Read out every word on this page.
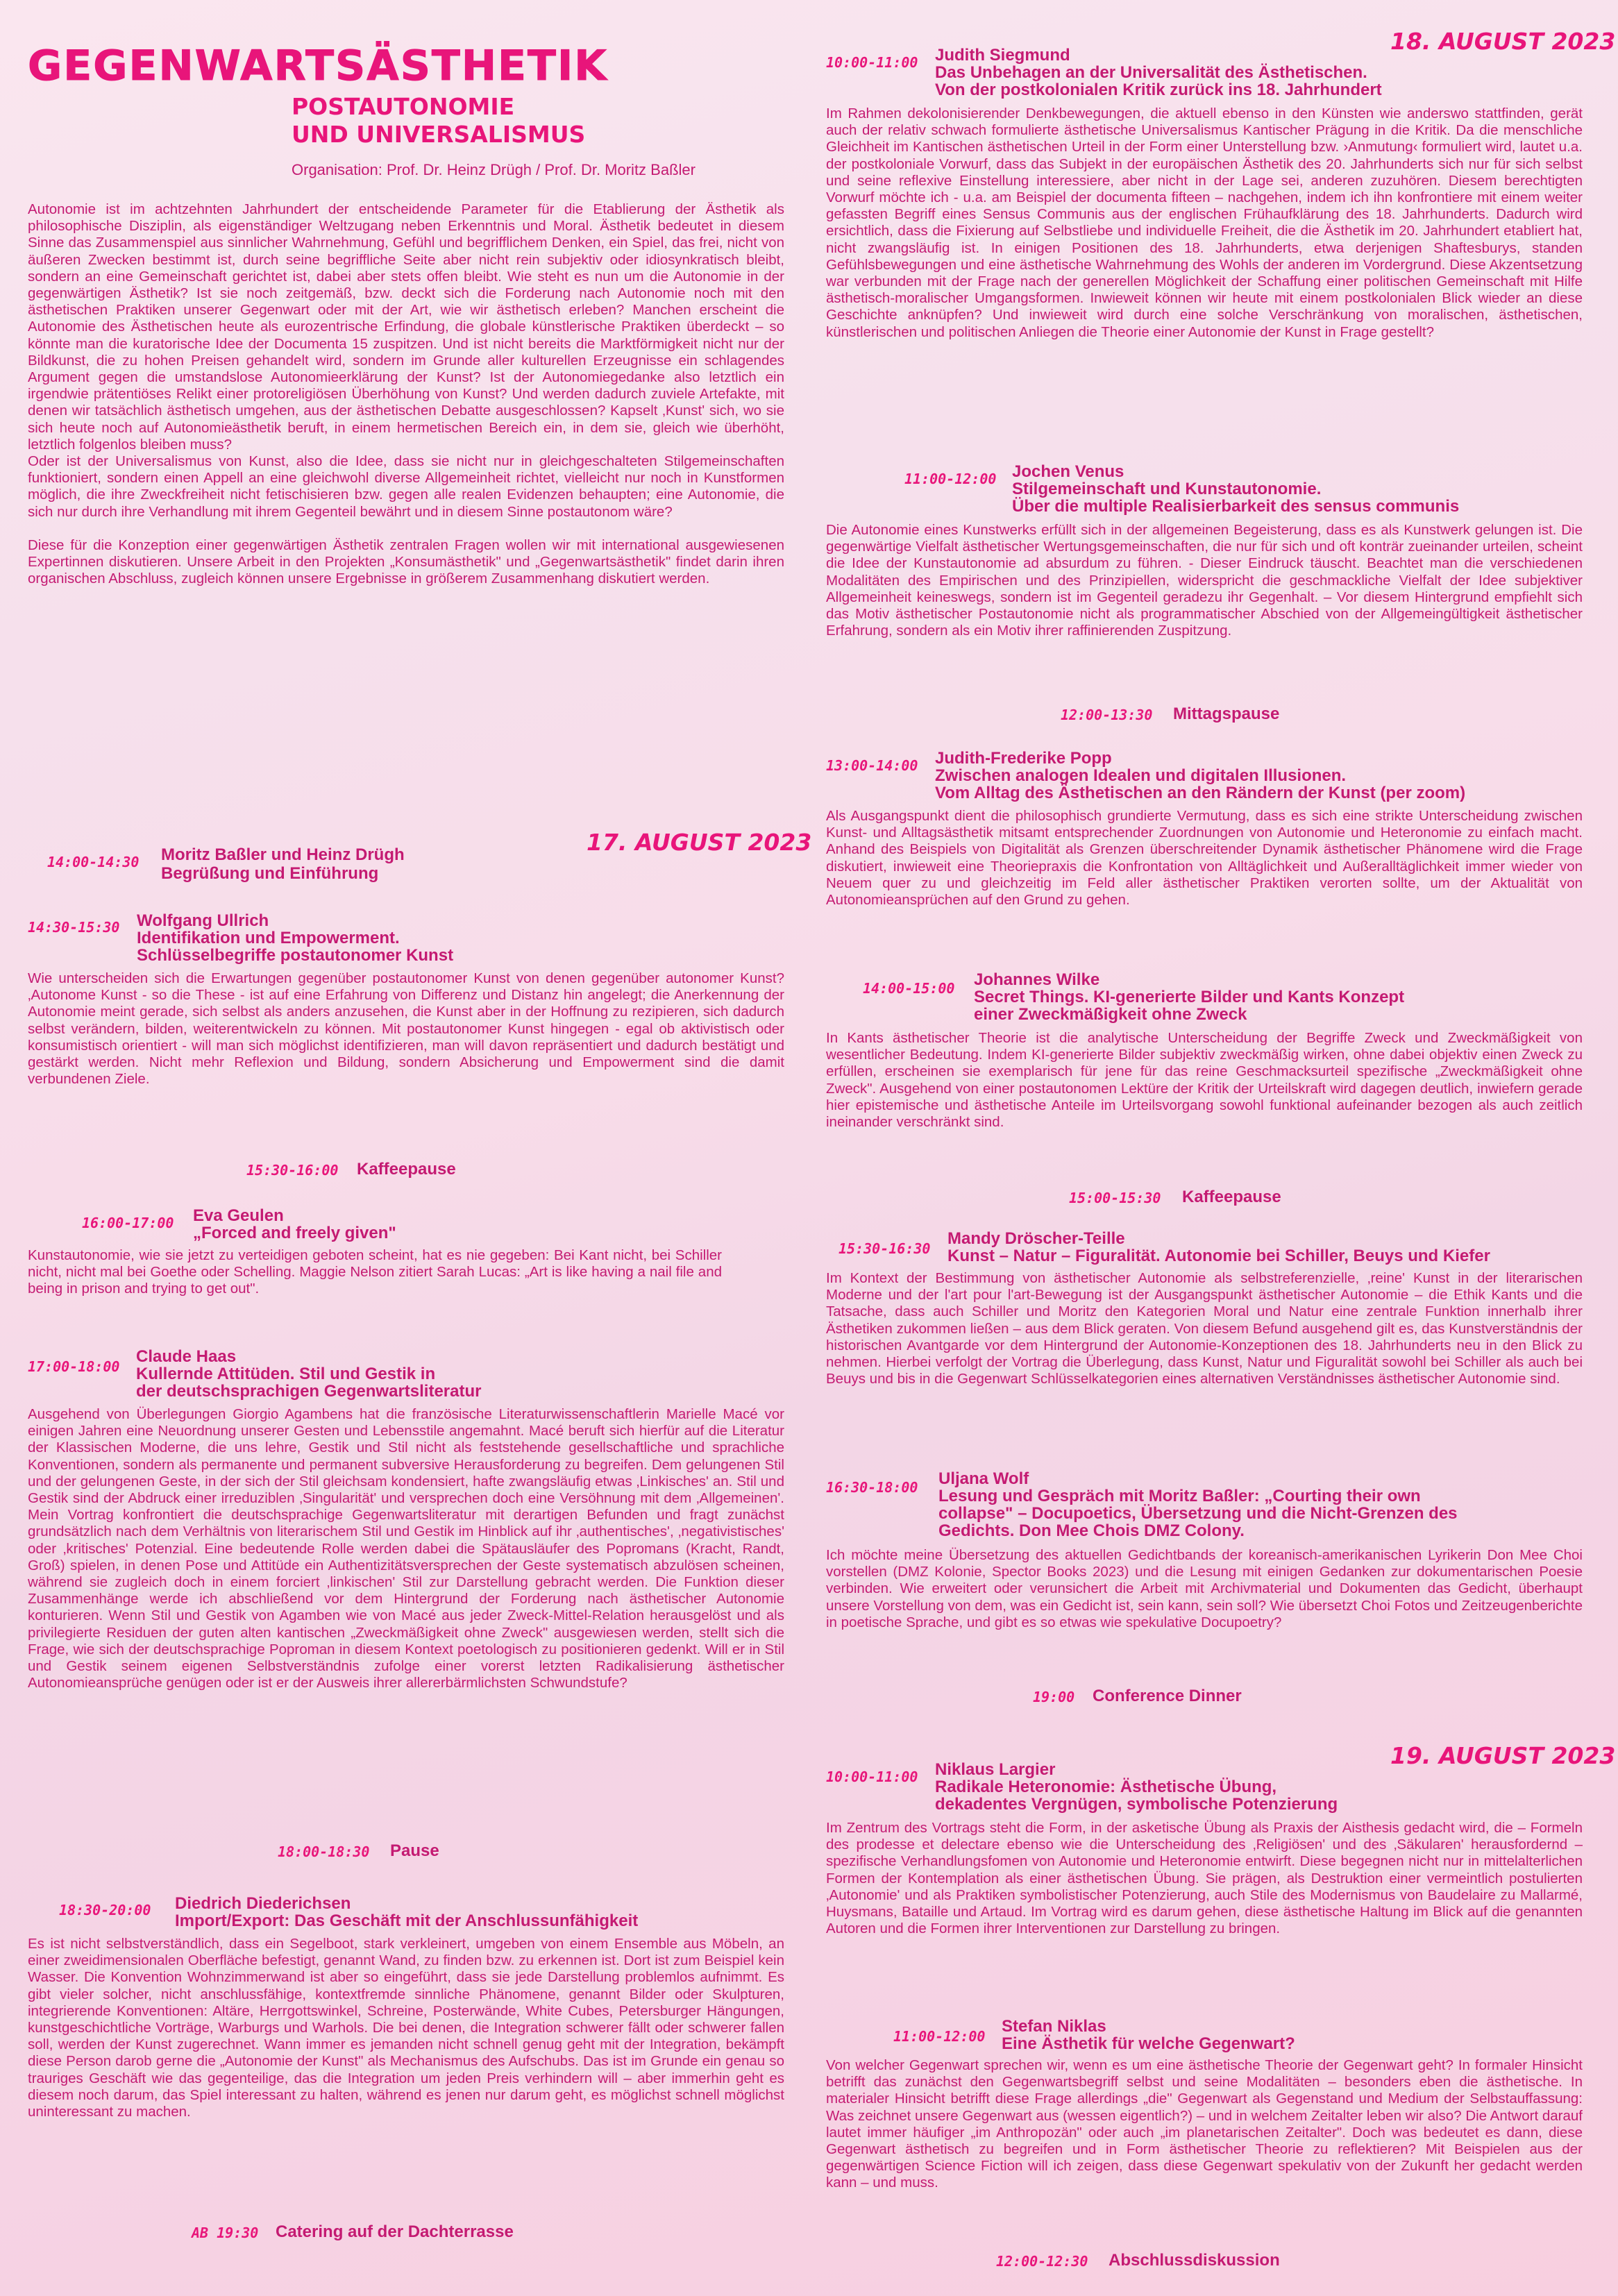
GEGENWARTSÄSTHETIK
POSTAUTONOMIE
UND UNIVERSALISMUS
Organisation: Prof. Dr. Heinz Drügh / Prof. Dr. Moritz Baßler

Autonomie ist im achtzehnten Jahrhundert der entscheidende Parameter für die Etablierung der Ästhetik als philosophische Disziplin, als eigenständiger Weltzugang neben Erkenntnis und Moral. Ästhetik bedeutet in diesem Sinne das Zusammenspiel aus sinnlicher Wahrnehmung, Gefühl und begrifflichem Denken, ein Spiel, das frei, nicht von äußeren Zwecken bestimmt ist, durch seine begriffliche Seite aber nicht rein subjektiv oder idiosynkratisch bleibt, sondern an eine Gemeinschaft gerichtet ist, dabei aber stets offen bleibt. Wie steht es nun um die Autonomie in der gegenwärtigen Ästhetik? Ist sie noch zeitgemäß, bzw. deckt sich die Forderung nach Autonomie noch mit den ästhetischen Praktiken unserer Gegenwart oder mit der Art, wie wir ästhetisch erleben? Manchen erscheint die Autonomie des Ästhetischen heute als eurozentrische Erfindung, die globale künstlerische Praktiken überdeckt – so könnte man die kuratorische Idee der Documenta 15 zuspitzen. Und ist nicht bereits die Marktförmigkeit nicht nur der Bildkunst, die zu hohen Preisen gehandelt wird, sondern im Grunde aller kulturellen Erzeugnisse ein schlagendes Argument gegen die umstandslose Autonomieerklärung der Kunst? Ist der Autonomiegedanke also letztlich ein irgendwie prätentiöses Relikt einer protoreligiösen Überhöhung von Kunst? Und werden dadurch zuviele Artefakte, mit denen wir tatsächlich ästhetisch umgehen, aus der ästhetischen Debatte ausgeschlossen? Kapselt ‚Kunst' sich, wo sie sich heute noch auf Autonomieästhetik beruft, in einem hermetischen Bereich ein, in dem sie, gleich wie überhöht, letztlich folgenlos bleiben muss?

Oder ist der Universalismus von Kunst, also die Idee, dass sie nicht nur in gleichgeschalteten Stilgemeinschaften funktioniert, sondern einen Appell an eine gleichwohl diverse Allgemeinheit richtet, vielleicht nur noch in Kunstformen möglich, die ihre Zweckfreiheit nicht fetischisieren bzw. gegen alle realen Evidenzen behaupten; eine Autonomie, die sich nur durch ihre Verhandlung mit ihrem Gegenteil bewährt und in diesem Sinne postautonom wäre?

Diese für die Konzeption einer gegenwärtigen Ästhetik zentralen Fragen wollen wir mit international ausgewiesenen Expertinnen diskutieren. Unsere Arbeit in den Projekten „Konsumästhetik" und „Gegenwartsästhetik" findet darin ihren organischen Abschluss, zugleich können unsere Ergebnisse in größerem Zusammenhang diskutiert werden.

17. AUGUST 2023
14:00-14:30 Moritz Baßler und Heinz Drügh
Begrüßung und Einführung
14:30-15:30 Wolfgang Ullrich
Identifikation und Empowerment.
Schlüsselbegriffe postautonomer Kunst

Wie unterscheiden sich die Erwartungen gegenüber postautonomer Kunst von denen gegenüber autonomer Kunst? ‚Autonome Kunst - so die These - ist auf eine Erfahrung von Differenz und Distanz hin angelegt; die Anerkennung der Autonomie meint gerade, sich selbst als anders anzusehen, die Kunst aber in der Hoffnung zu rezipieren, sich dadurch selbst verändern, bilden, weiterentwickeln zu können. Mit postautonomer Kunst hingegen - egal ob aktivistisch oder konsumistisch orientiert - will man sich möglichst identifizieren, man will davon repräsentiert und dadurch bestätigt und gestärkt werden. Nicht mehr Reflexion und Bildung, sondern Absicherung und Empowerment sind die damit verbundenen Ziele.

15:30-16:00 Kaffeepause
16:00-17:00 Eva Geulen
„Forced and freely given"

Kunstautonomie, wie sie jetzt zu verteidigen geboten scheint, hat es nie gegeben: Bei Kant nicht, bei Schiller nicht, nicht mal bei Goethe oder Schelling. Maggie Nelson zitiert Sarah Lucas: „Art is like having a nail file and being in prison and trying to get out".

17:00-18:00
Claude Haas
Kullernde Attitüden. Stil und Gestik in
der deutschsprachigen Gegenwartsliteratur

Ausgehend von Überlegungen Giorgio Agambens hat die französische Literaturwissenschaftlerin Marielle Macé vor einigen Jahren eine Neuordnung unserer Gesten und Lebensstile angemahnt. Macé beruft sich hierfür auf die Literatur der Klassischen Moderne, die uns lehre, Gestik und Stil nicht als feststehende gesellschaftliche und sprachliche Konventionen, sondern als permanente und permanent subversive Herausforderung zu begreifen. Dem gelungenen Stil und der gelungenen Geste, in der sich der Stil gleichsam kondensiert, hafte zwangsläufig etwas ‚Linkisches' an. Stil und Gestik sind der Abdruck einer irreduziblen ‚Singularität' und versprechen doch eine Versöhnung mit dem ‚Allgemeinen'. Mein Vortrag konfrontiert die deutschsprachige Gegenwartsliteratur mit derartigen Befunden und fragt zunächst grundsätzlich nach dem Verhältnis von literarischem Stil und Gestik im Hinblick auf ihr ‚authentisches', ‚negativistisches' oder ‚kritisches' Potenzial. Eine bedeutende Rolle werden dabei die Spätausläufer des Popromans (Kracht, Randt, Groß) spielen, in denen Pose und Attitüde ein Authentizitätsversprechen der Geste systematisch abzulösen scheinen, während sie zugleich doch in einem forciert ‚linkischen' Stil zur Darstellung gebracht werden. Die Funktion dieser Zusammenhänge werde ich abschließend vor dem Hintergrund der Forderung nach ästhetischer Autonomie konturieren. Wenn Stil und Gestik von Agamben wie von Macé aus jeder Zweck-Mittel-Relation herausgelöst und als privilegierte Residuen der guten alten kantischen „Zweckmäßigkeit ohne Zweck" ausgewiesen werden, stellt sich die Frage, wie sich der deutschsprachige Poproman in diesem Kontext poetologisch zu positionieren gedenkt. Will er in Stil und Gestik seinem eigenen Selbstverständnis zufolge einer vorerst letzten Radikalisierung ästhetischer Autonomieansprüche genügen oder ist er der Ausweis ihrer allererbärmlichsten Schwundstufe?

18:00-18:30 Pause
18:30-20:00 Diedrich Diederichsen
Import/Export: Das Geschäft mit der Anschlussunfähigkeit

Es ist nicht selbstverständlich, dass ein Segelboot, stark verkleinert, umgeben von einem Ensemble aus Möbeln, an einer zweidimensionalen Oberfläche befestigt, genannt Wand, zu finden bzw. zu erkennen ist. Dort ist zum Beispiel kein Wasser. Die Konvention Wohnzimmerwand ist aber so eingeführt, dass sie jede Darstellung problemlos aufnimmt. Es gibt vieler solcher, nicht anschlussfähige, kontextfremde sinnliche Phänomene, genannt Bilder oder Skulpturen, integrierende Konventionen: Altäre, Herrgottswinkel, Schreine, Posterwände, White Cubes, Petersburger Hängungen, kunstgeschichtliche Vorträge, Warburgs und Warhols. Die bei denen, die Integration schwerer fällt oder schwerer fallen soll, werden der Kunst zugerechnet. Wann immer es jemanden nicht schnell genug geht mit der Integration, bekämpft diese Person darob gerne die „Autonomie der Kunst" als Mechanismus des Aufschubs. Das ist im Grunde ein genau so trauriges Geschäft wie das gegenteilige, das die Integration um jeden Preis verhindern will – aber immerhin geht es diesem noch darum, das Spiel interessant zu halten, während es jenen nur darum geht, es möglichst schnell möglichst uninteressant zu machen.

AB 19:30 Catering auf der Dachterrasse
18. AUGUST 2023
10:00-11:00 Judith Siegmund
Das Unbehagen an der Universalität des Ästhetischen.
Von der postkolonialen Kritik zurück ins 18. Jahrhundert

Im Rahmen dekolonisierender Denkbewegungen, die aktuell ebenso in den Künsten wie anderswo stattfinden, gerät auch der relativ schwach formulierte ästhetische Universalismus Kantischer Prägung in die Kritik. Da die menschliche Gleichheit im Kantischen ästhetischen Urteil in der Form einer Unterstellung bzw. ›Anmutung‹ formuliert wird, lautet u.a. der postkoloniale Vorwurf, dass das Subjekt in der europäischen Ästhetik des 20. Jahrhunderts sich nur für sich selbst und seine reflexive Einstellung interessiere, aber nicht in der Lage sei, anderen zuzuhören. Diesem berechtigten Vorwurf möchte ich - u.a. am Beispiel der documenta fifteen – nachgehen, indem ich ihn konfrontiere mit einem weiter gefassten Begriff eines Sensus Communis aus der englischen Frühaufklärung des 18. Jahrhunderts. Dadurch wird ersichtlich, dass die Fixierung auf Selbstliebe und individuelle Freiheit, die die Ästhetik im 20. Jahrhundert etabliert hat, nicht zwangsläufig ist. In einigen Positionen des 18. Jahrhunderts, etwa derjenigen Shaftesburys, standen Gefühlsbewegungen und eine ästhetische Wahrnehmung des Wohls der anderen im Vordergrund. Diese Akzentsetzung war verbunden mit der Frage nach der generellen Möglichkeit der Schaffung einer politischen Gemeinschaft mit Hilfe ästhetisch-moralischer Umgangsformen. Inwieweit können wir heute mit einem postkolonialen Blick wieder an diese Geschichte anknüpfen? Und inwieweit wird durch eine solche Verschränkung von moralischen, ästhetischen, künstlerischen und politischen Anliegen die Theorie einer Autonomie der Kunst in Frage gestellt?

11:00-12:00 Jochen Venus
Stilgemeinschaft und Kunstautonomie.
Über die multiple Realisierbarkeit des sensus communis

Die Autonomie eines Kunstwerks erfüllt sich in der allgemeinen Begeisterung, dass es als Kunstwerk gelungen ist. Die gegenwärtige Vielfalt ästhetischer Wertungsgemeinschaften, die nur für sich und oft konträr zueinander urteilen, scheint die Idee der Kunstautonomie ad absurdum zu führen. - Dieser Eindruck täuscht. Beachtet man die verschiedenen Modalitäten des Empirischen und des Prinzipiellen, widerspricht die geschmackliche Vielfalt der Idee subjektiver Allgemeinheit keineswegs, sondern ist im Gegenteil geradezu ihr Gegenhalt. – Vor diesem Hintergrund empfiehlt sich das Motiv ästhetischer Postautonomie nicht als programmatischer Abschied von der Allgemeingültigkeit ästhetischer Erfahrung, sondern als ein Motiv ihrer raffinierenden Zuspitzung.

12:00-13:30 Mittagspause
13:00-14:00 Judith-Frederike Popp
Zwischen analogen Idealen und digitalen Illusionen.
Vom Alltag des Ästhetischen an den Rändern der Kunst (per zoom)

Als Ausgangspunkt dient die philosophisch grundierte Vermutung, dass es sich eine strikte Unterscheidung zwischen Kunst- und Alltagsästhetik mitsamt entsprechender Zuordnungen von Autonomie und Heteronomie zu einfach macht. Anhand des Beispiels von Digitalität als Grenzen überschreitender Dynamik ästhetischer Phänomene wird die Frage diskutiert, inwieweit eine Theoriepraxis die Konfrontation von Alltäglichkeit und Außeralltäglichkeit immer wieder von Neuem quer zu und gleichzeitig im Feld aller ästhetischer Praktiken verorten sollte, um der Aktualität von Autonomieansprüchen auf den Grund zu gehen.

14:00-15:00 Johannes Wilke
Secret Things. KI-generierte Bilder und Kants Konzept
einer Zweckmäßigkeit ohne Zweck

In Kants ästhetischer Theorie ist die analytische Unterscheidung der Begriffe Zweck und Zweckmäßigkeit von wesentlicher Bedeutung. Indem KI-generierte Bilder subjektiv zweckmäßig wirken, ohne dabei objektiv einen Zweck zu erfüllen, erscheinen sie exemplarisch für jene für das reine Geschmacksurteil spezifische „Zweckmäßigkeit ohne Zweck". Ausgehend von einer postautonomen Lektüre der Kritik der Urteilskraft wird dagegen deutlich, inwiefern gerade hier epistemische und ästhetische Anteile im Urteilsvorgang sowohl funktional aufeinander bezogen als auch zeitlich ineinander verschränkt sind.

15:00-15:30 Kaffeepause
15:30-16:30
Mandy Dröscher-Teille
Kunst – Natur – Figuralität. Autonomie bei Schiller, Beuys und Kiefer

Im Kontext der Bestimmung von ästhetischer Autonomie als selbstreferenzielle, ‚reine' Kunst in der literarischen Moderne und der l'art pour l'art-Bewegung ist der Ausgangspunkt ästhetischer Autonomie – die Ethik Kants und die Tatsache, dass auch Schiller und Moritz den Kategorien Moral und Natur eine zentrale Funktion innerhalb ihrer Ästhetiken zukommen ließen – aus dem Blick geraten. Von diesem Befund ausgehend gilt es, das Kunstverständnis der historischen Avantgarde vor dem Hintergrund der Autonomie-Konzeptionen des 18. Jahrhunderts neu in den Blick zu nehmen. Hierbei verfolgt der Vortrag die Überlegung, dass Kunst, Natur und Figuralität sowohl bei Schiller als auch bei Beuys und bis in die Gegenwart Schlüsselkategorien eines alternativen Verständnisses ästhetischer Autonomie sind.

16:30-18:00 Uljana Wolf
Lesung und Gespräch mit Moritz Baßler: „Courting their own
collapse" – Docupoetics, Übersetzung und die Nicht-Grenzen des
Gedichts. Don Mee Chois DMZ Colony.

Ich möchte meine Übersetzung des aktuellen Gedichtbands der koreanisch-amerikanischen Lyrikerin Don Mee Choi vorstellen (DMZ Kolonie, Spector Books 2023) und die Lesung mit einigen Gedanken zur dokumentarischen Poesie verbinden. Wie erweitert oder verunsichert die Arbeit mit Archivmaterial und Dokumenten das Gedicht, überhaupt unsere Vorstellung von dem, was ein Gedicht ist, sein kann, sein soll? Wie übersetzt Choi Fotos und Zeitzeugenberichte in poetische Sprache, und gibt es so etwas wie spekulative Docupoetry?

19:00 Conference Dinner
19. AUGUST 2023
10:00-11:00 Niklaus Largier
Radikale Heteronomie: Ästhetische Übung,
dekadentes Vergnügen, symbolische Potenzierung

Im Zentrum des Vortrags steht die Form, in der asketische Übung als Praxis der Aisthesis gedacht wird, die – Formeln des prodesse et delectare ebenso wie die Unterscheidung des ‚Religiösen' und des ‚Säkularen' herausfordernd – spezifische Verhandlungsfomen von Autonomie und Heteronomie entwirft. Diese begegnen nicht nur in mittelalterlichen Formen der Kontemplation als einer ästhetischen Übung. Sie prägen, als Destruktion einer vermeintlich postulierten ‚Autonomie' und als Praktiken symbolistischer Potenzierung, auch Stile des Modernismus von Baudelaire zu Mallarmé, Huysmans, Bataille und Artaud. Im Vortrag wird es darum gehen, diese ästhetische Haltung im Blick auf die genannten Autoren und die Formen ihrer Interventionen zur Darstellung zu bringen.

11:00-12:00
Stefan Niklas
Eine Ästhetik für welche Gegenwart?

Von welcher Gegenwart sprechen wir, wenn es um eine ästhetische Theorie der Gegenwart geht? In formaler Hinsicht betrifft das zunächst den Gegenwartsbegriff selbst und seine Modalitäten – besonders eben die ästhetische. In materialer Hinsicht betrifft diese Frage allerdings „die" Gegenwart als Gegenstand und Medium der Selbstauffassung: Was zeichnet unsere Gegenwart aus (wessen eigentlich?) – und in welchem Zeitalter leben wir also? Die Antwort darauf lautet immer häufiger „im Anthropozän" oder auch „im planetarischen Zeitalter". Doch was bedeutet es dann, diese Gegenwart ästhetisch zu begreifen und in Form ästhetischer Theorie zu reflektieren? Mit Beispielen aus der gegenwärtigen Science Fiction will ich zeigen, dass diese Gegenwart spekulativ von der Zukunft her gedacht werden kann – und muss.

12:00-12:30 Abschlussdiskussion
